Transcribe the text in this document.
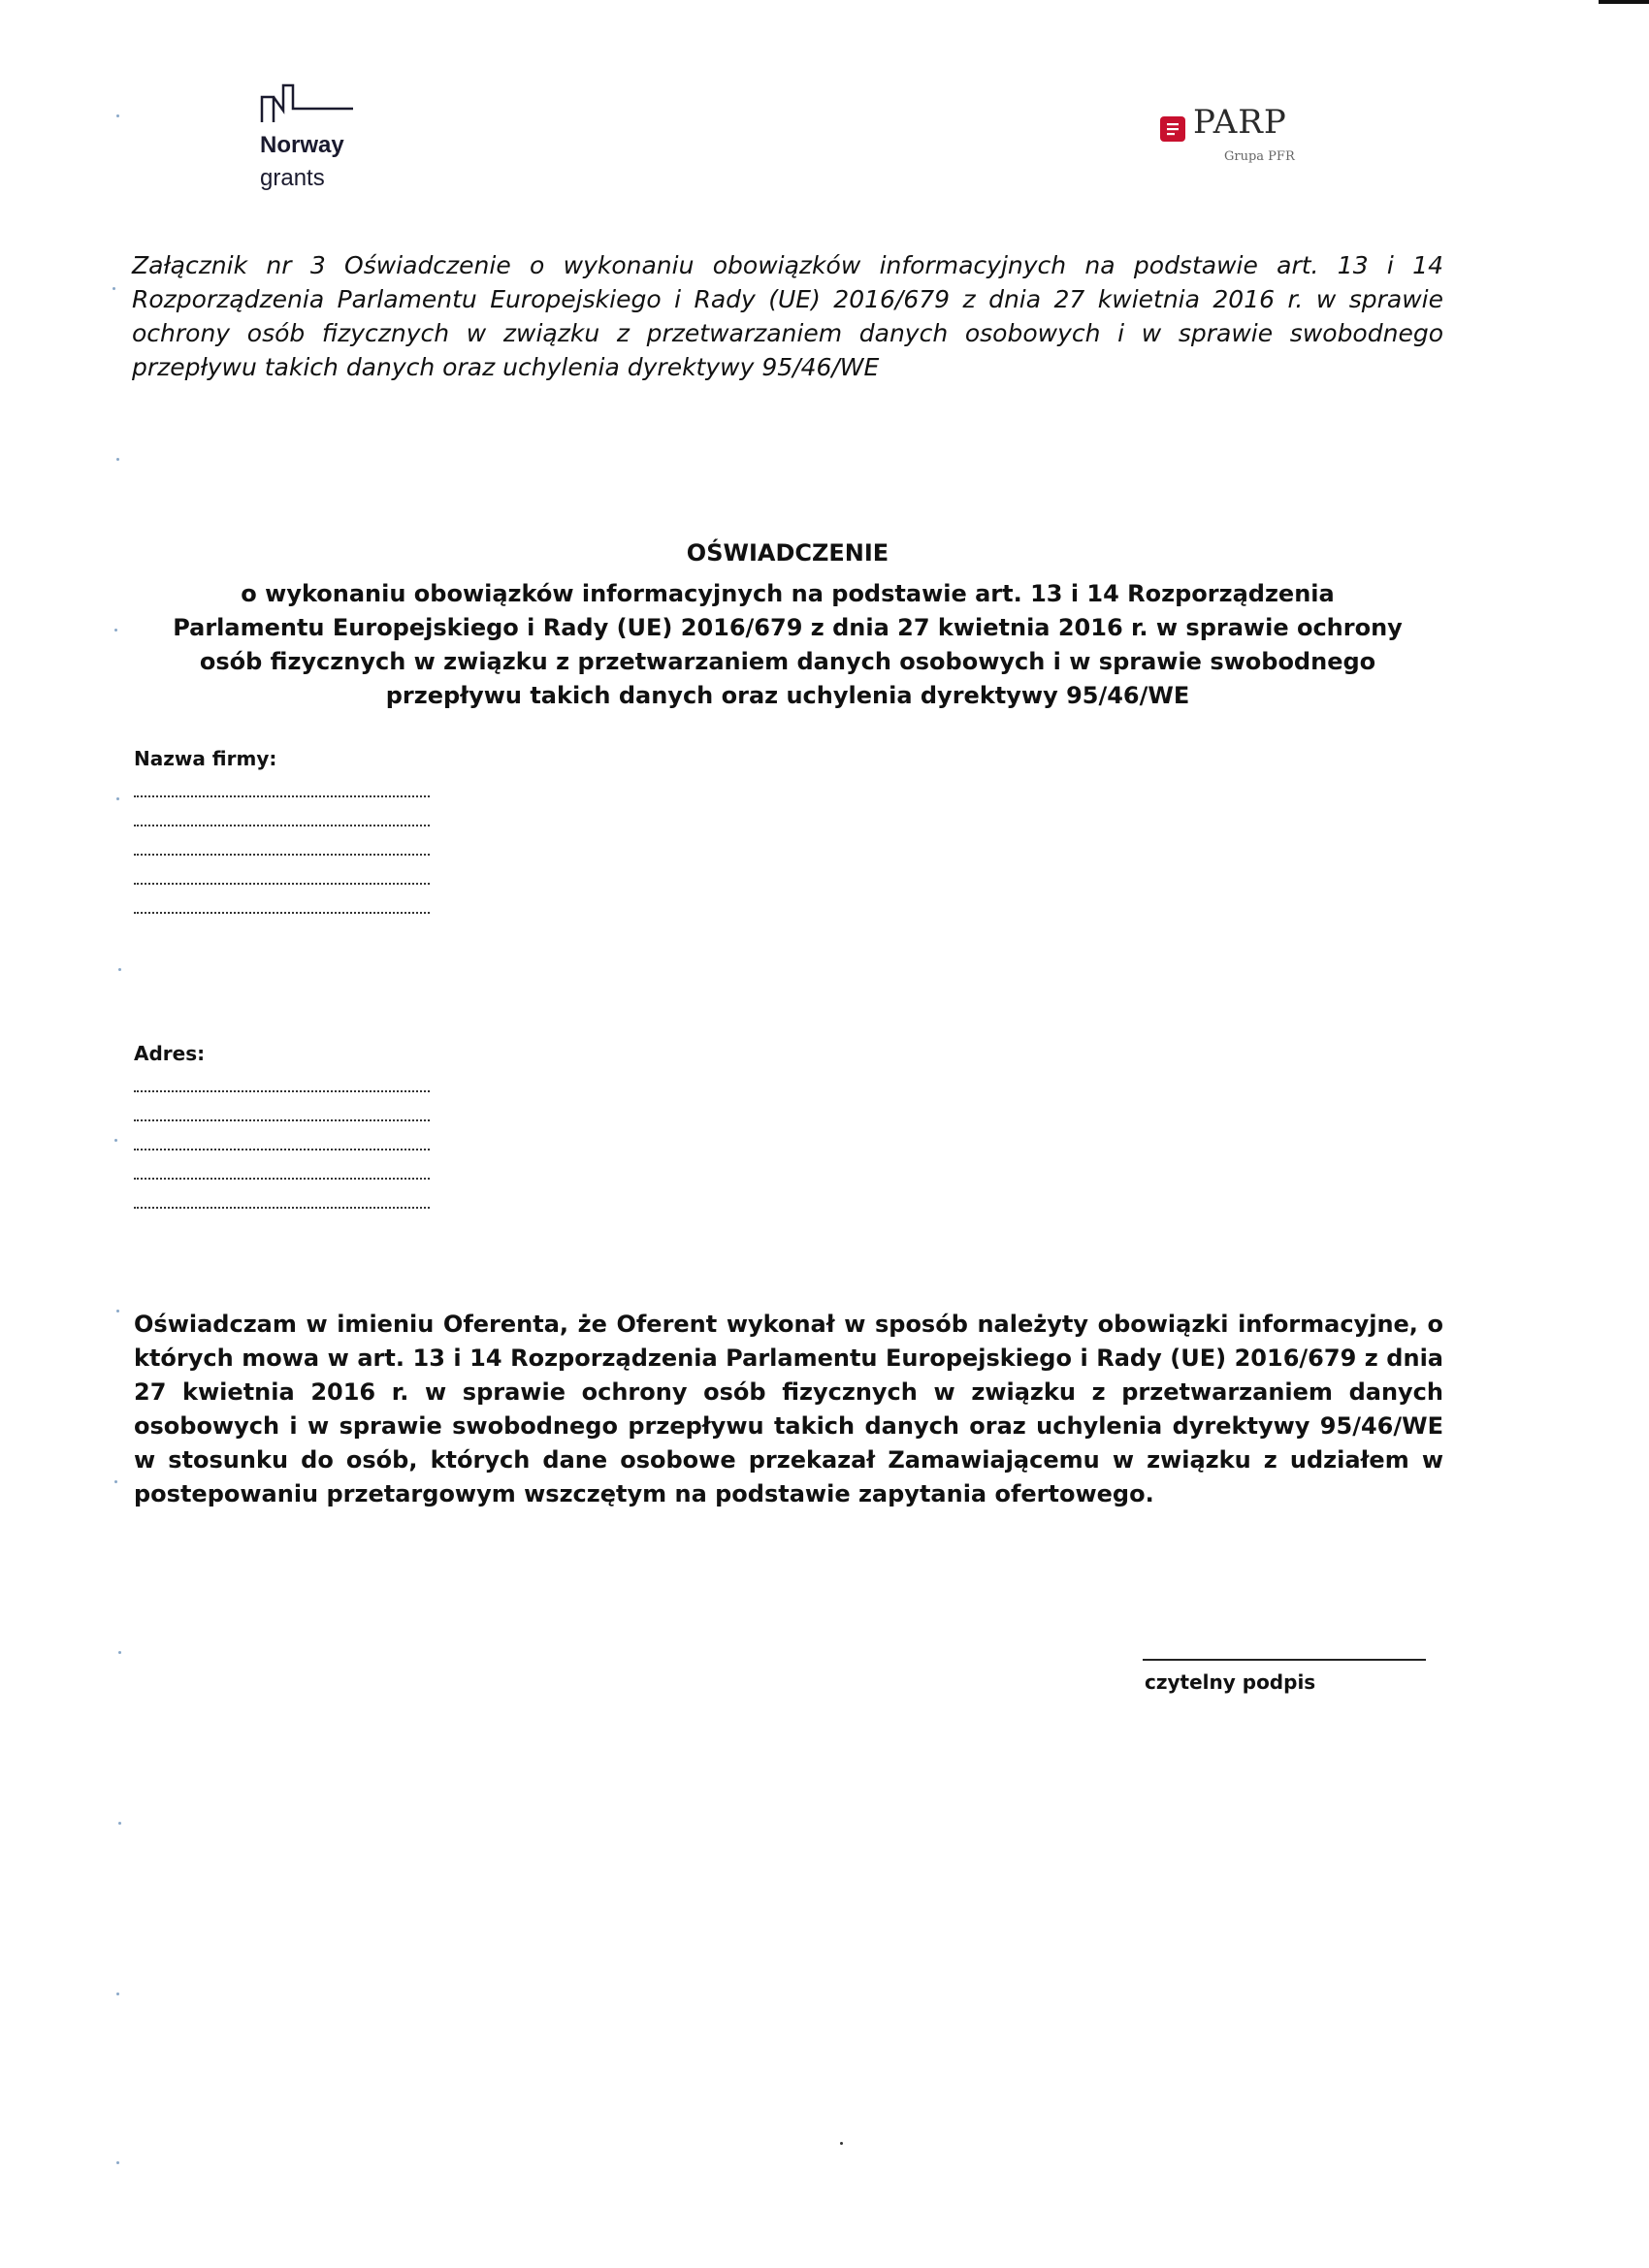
Norway
grants
PARP
Grupa PFR
Załącznik nr 3 Oświadczenie o wykonaniu obowiązków informacyjnych na podstawie art. 13 i 14 Rozporządzenia Parlamentu Europejskiego i Rady (UE) 2016/679 z dnia 27 kwietnia 2016 r. w sprawie ochrony osób fizycznych w związku z przetwarzaniem danych osobowych i w sprawie swobodnego przepływu takich danych oraz uchylenia dyrektywy 95/46/WE
OŚWIADCZENIE
o wykonaniu obowiązków informacyjnych na podstawie art. 13 i 14 Rozporządzenia Parlamentu Europejskiego i Rady (UE) 2016/679 z dnia 27 kwietnia 2016 r. w sprawie ochrony osób fizycznych w związku z przetwarzaniem danych osobowych i w sprawie swobodnego przepływu takich danych oraz uchylenia dyrektywy 95/46/WE
Nazwa firmy:
Adres:
Oświadczam w imieniu Oferenta, że Oferent wykonał w sposób należyty obowiązki informacyjne, o których mowa w art. 13 i 14 Rozporządzenia Parlamentu Europejskiego i Rady (UE) 2016/679 z dnia 27 kwietnia 2016 r. w sprawie ochrony osób fizycznych w związku z przetwarzaniem danych osobowych i w sprawie swobodnego przepływu takich danych oraz uchylenia dyrektywy 95/46/WE w stosunku do osób, których dane osobowe przekazał Zamawiającemu w związku z udziałem w postepowaniu przetargowym wszczętym na podstawie zapytania ofertowego.
czytelny podpis
